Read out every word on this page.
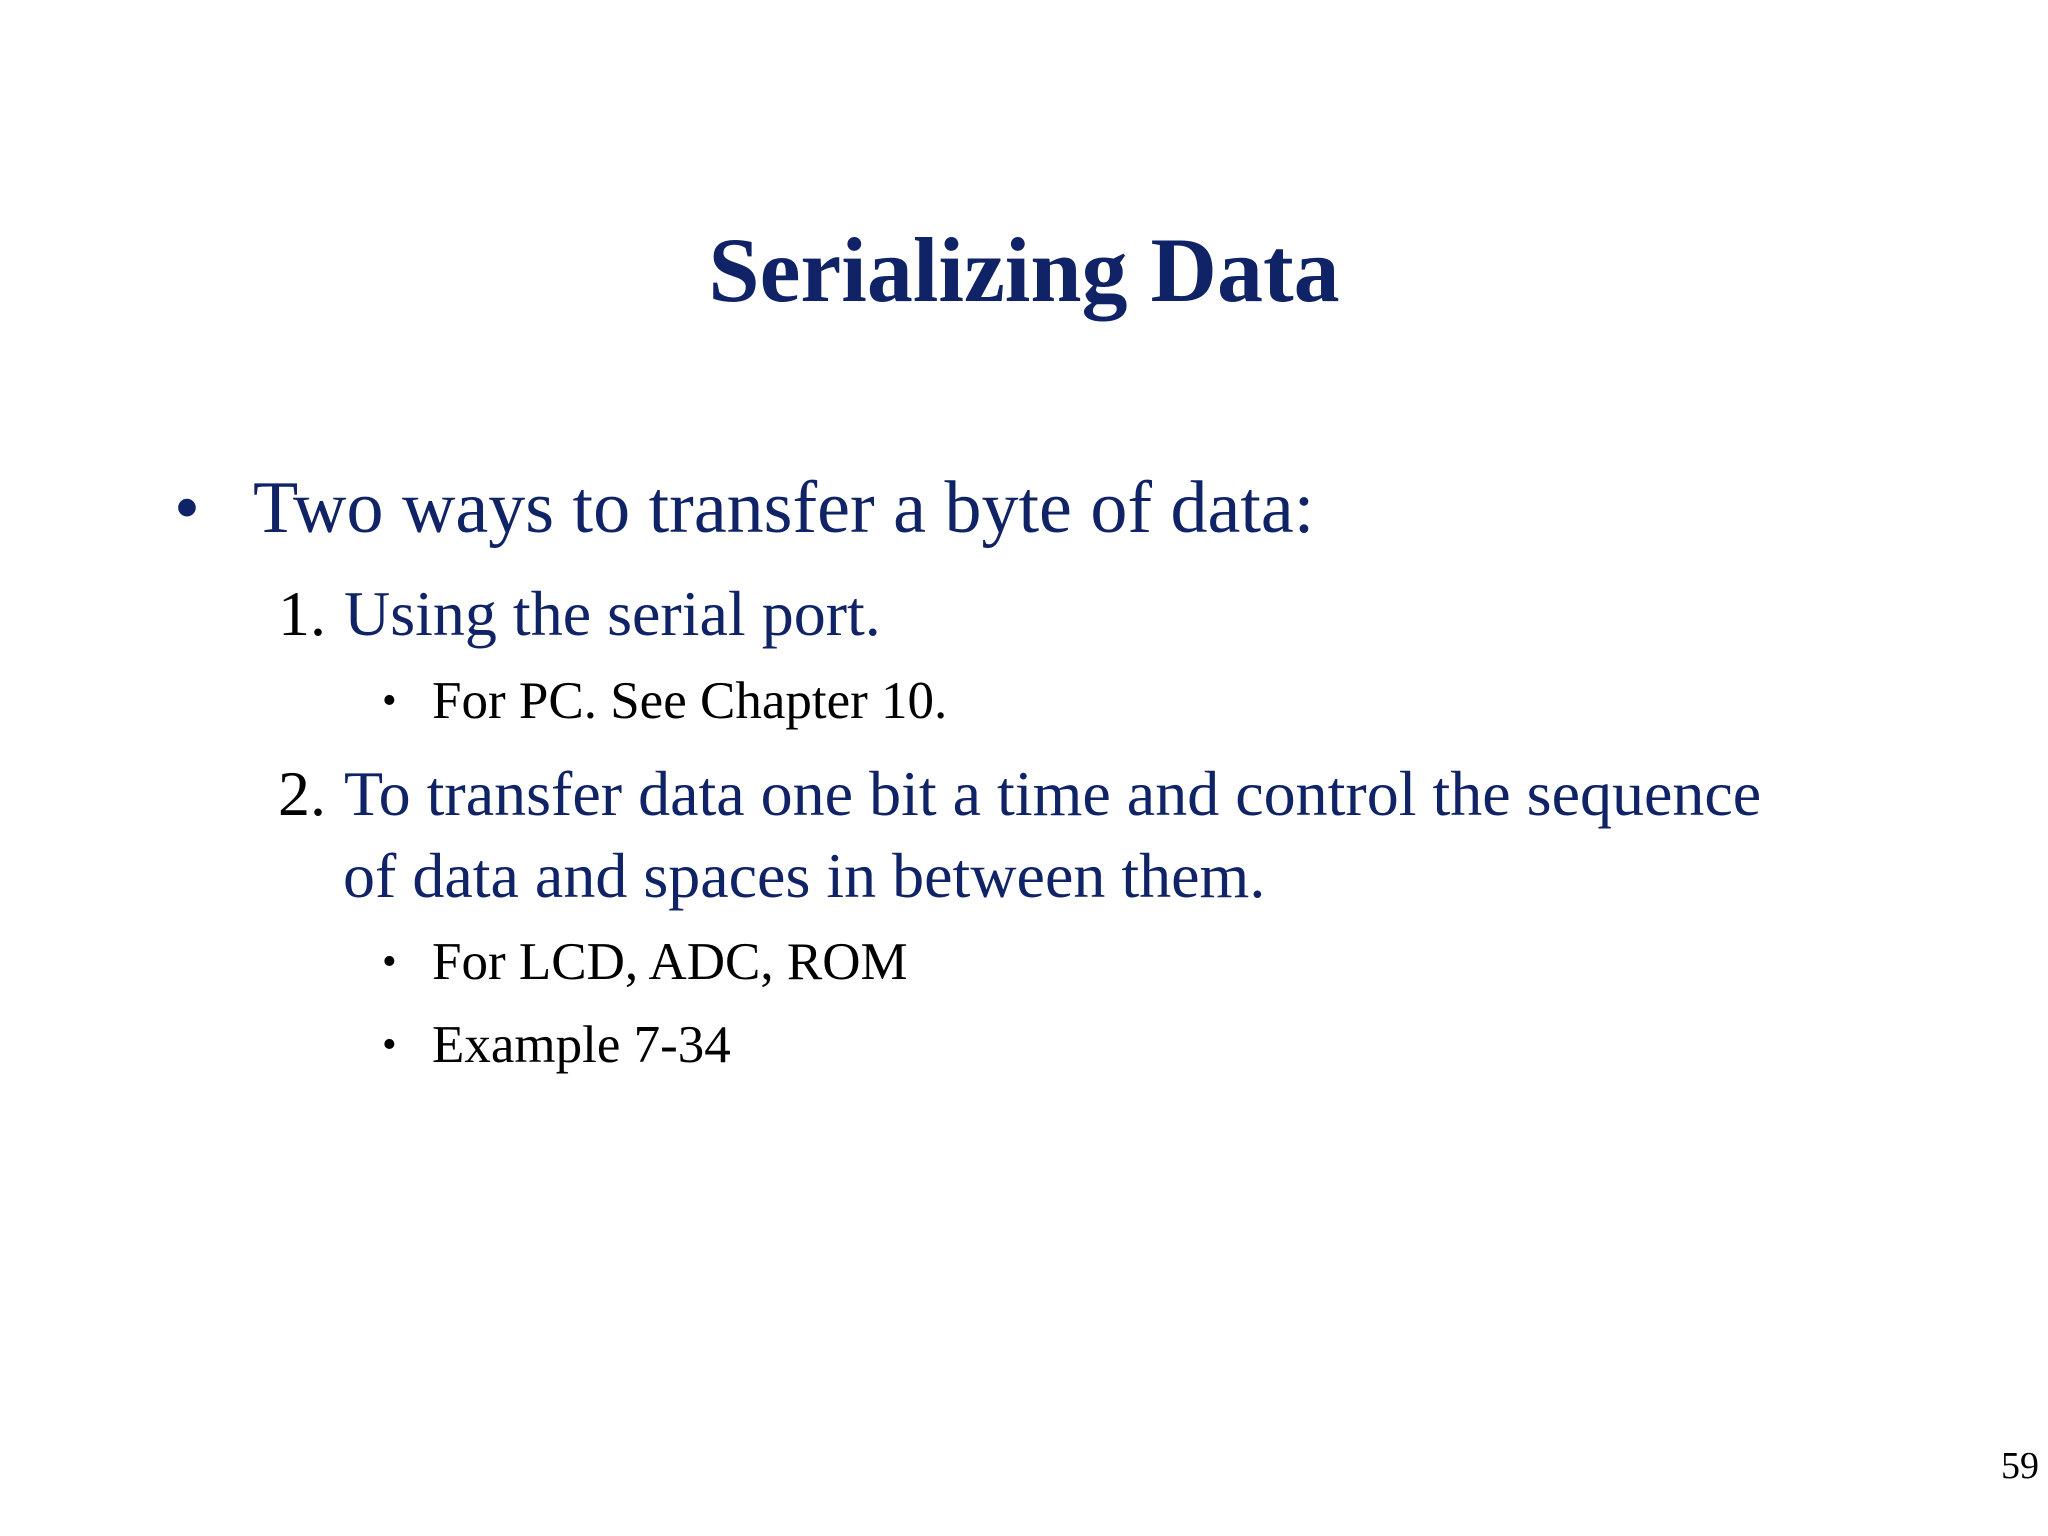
Serializing Data
• Two ways to transfer a byte of data:
1. Using the serial port.
• For PC. See Chapter 10.
2. To transfer data one bit a time and control the sequence
of data and spaces in between them.
• For LCD, ADC, ROM
• Example 7-34
59
